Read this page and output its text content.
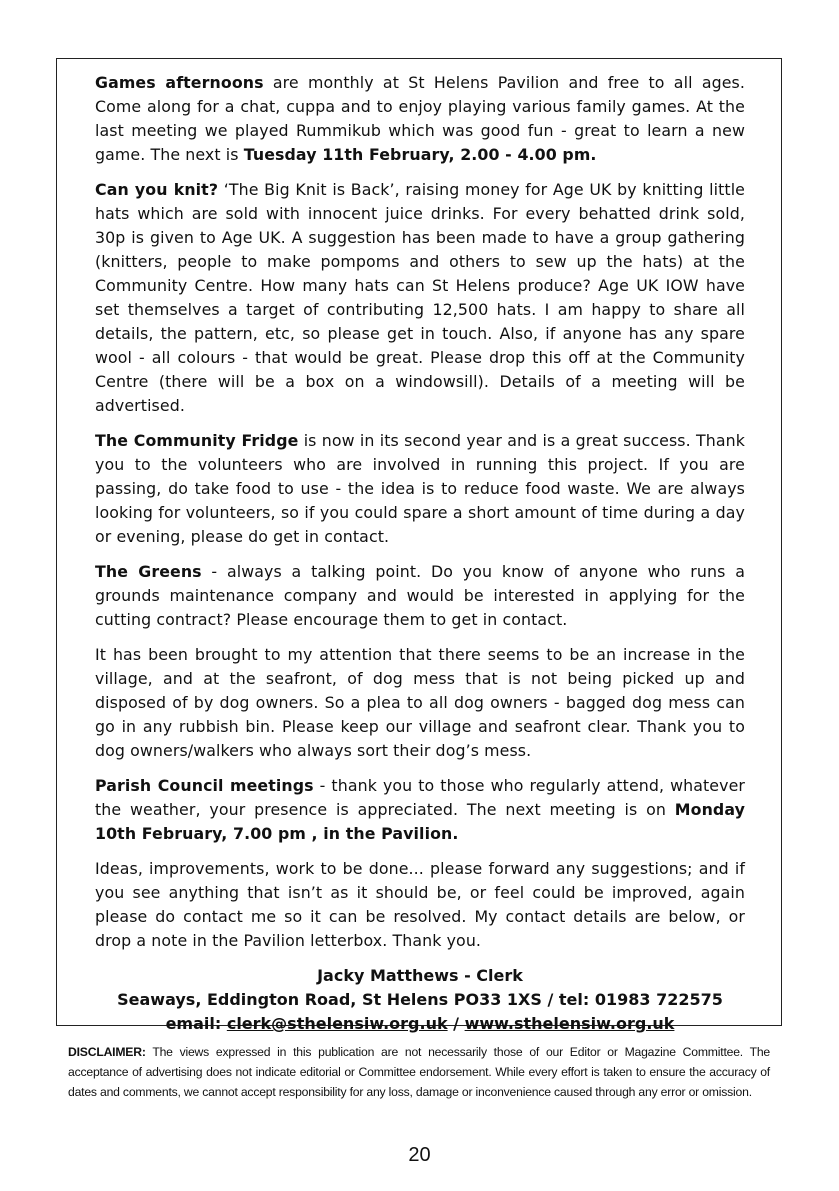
Games afternoons are monthly at St Helens Pavilion and free to all ages. Come along for a chat, cuppa and to enjoy playing various family games. At the last meeting we played Rummikub which was good fun - great to learn a new game. The next is Tuesday 11th February, 2.00 - 4.00 pm.

Can you knit? ‘The Big Knit is Back’, raising money for Age UK by knitting little hats which are sold with innocent juice drinks. For every behatted drink sold, 30p is given to Age UK. A suggestion has been made to have a group gathering (knitters, people to make pompoms and others to sew up the hats) at the Community Centre. How many hats can St Helens produce? Age UK IOW have set themselves a target of contributing 12,500 hats. I am happy to share all details, the pattern, etc, so please get in touch. Also, if anyone has any spare wool - all colours - that would be great. Please drop this off at the Community Centre (there will be a box on a windowsill). Details of a meeting will be advertised.

The Community Fridge is now in its second year and is a great success. Thank you to the volunteers who are involved in running this project. If you are passing, do take food to use - the idea is to reduce food waste. We are always looking for volunteers, so if you could spare a short amount of time during a day or evening, please do get in contact.

The Greens - always a talking point. Do you know of anyone who runs a grounds maintenance company and would be interested in applying for the cutting contract? Please encourage them to get in contact.

It has been brought to my attention that there seems to be an increase in the village, and at the seafront, of dog mess that is not being picked up and disposed of by dog owners. So a plea to all dog owners - bagged dog mess can go in any rubbish bin. Please keep our village and seafront clear. Thank you to dog owners/walkers who always sort their dog’s mess.

Parish Council meetings - thank you to those who regularly attend, whatever the weather, your presence is appreciated. The next meeting is on Monday 10th February, 7.00 pm , in the Pavilion.

Ideas, improvements, work to be done... please forward any suggestions; and if you see anything that isn’t as it should be, or feel could be improved, again please do contact me so it can be resolved. My contact details are below, or drop a note in the Pavilion letterbox. Thank you.

Jacky Matthews - Clerk
Seaways, Eddington Road, St Helens PO33 1XS / tel: 01983 722575
email: clerk@sthelensiw.org.uk / www.sthelensiw.org.uk
DISCLAIMER: The views expressed in this publication are not necessarily those of our Editor or Magazine Committee. The acceptance of advertising does not indicate editorial or Committee endorsement. While every effort is taken to ensure the accuracy of dates and comments, we cannot accept responsibility for any loss, damage or inconvenience caused through any error or omission.
20
